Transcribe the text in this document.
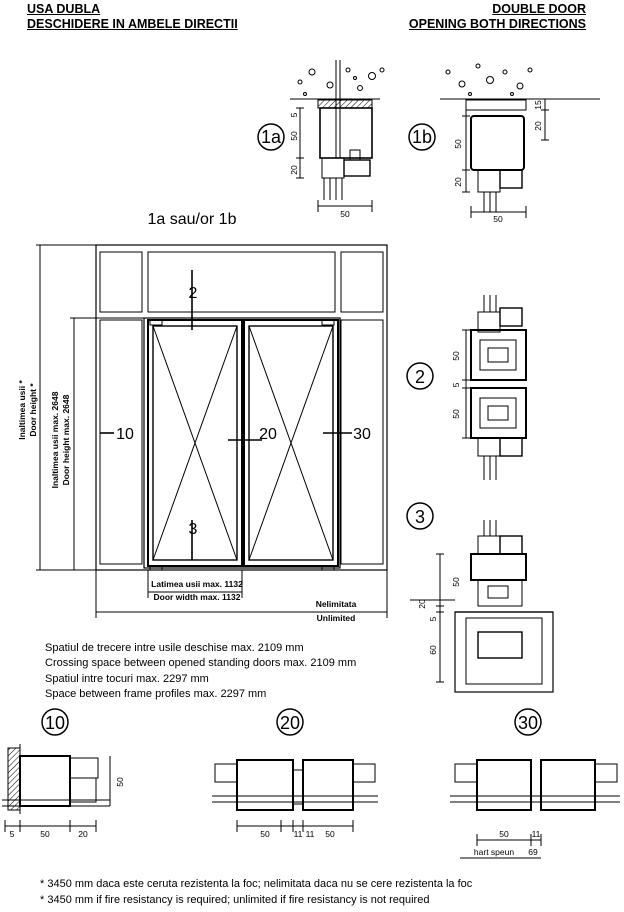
USA DUBLA
DESCHIDERE IN AMBELE DIRECTII
DOUBLE DOOR
OPENING BOTH DIRECTIONS
1a	1b
2
3
10	20	30
1a sau/or 1b
2
3
10	20	30
Inaltimea usii * Door height * Inaltimea usii max. 2648 Door height max. 2648
Latimea usii max. 1132
Door width max. 1132
Nelimitata
Unlimited
5
50
20
50
15
20
50
20
50
50
5
50
50
20
5
60
5	50	20
50
50	11 11 50	50	11
hart speun 69
Spatiul de trecere intre usile deschise max. 2109 mm
Crossing space between opened standing doors max. 2109 mm
Spatiul intre tocuri max. 2297 mm
Space between frame profiles max. 2297 mm
* 3450 mm daca este ceruta rezistenta la foc; nelimitata daca nu se cere rezistenta la foc
* 3450 mm if fire resistancy is required; unlimited if fire resistancy is not required
